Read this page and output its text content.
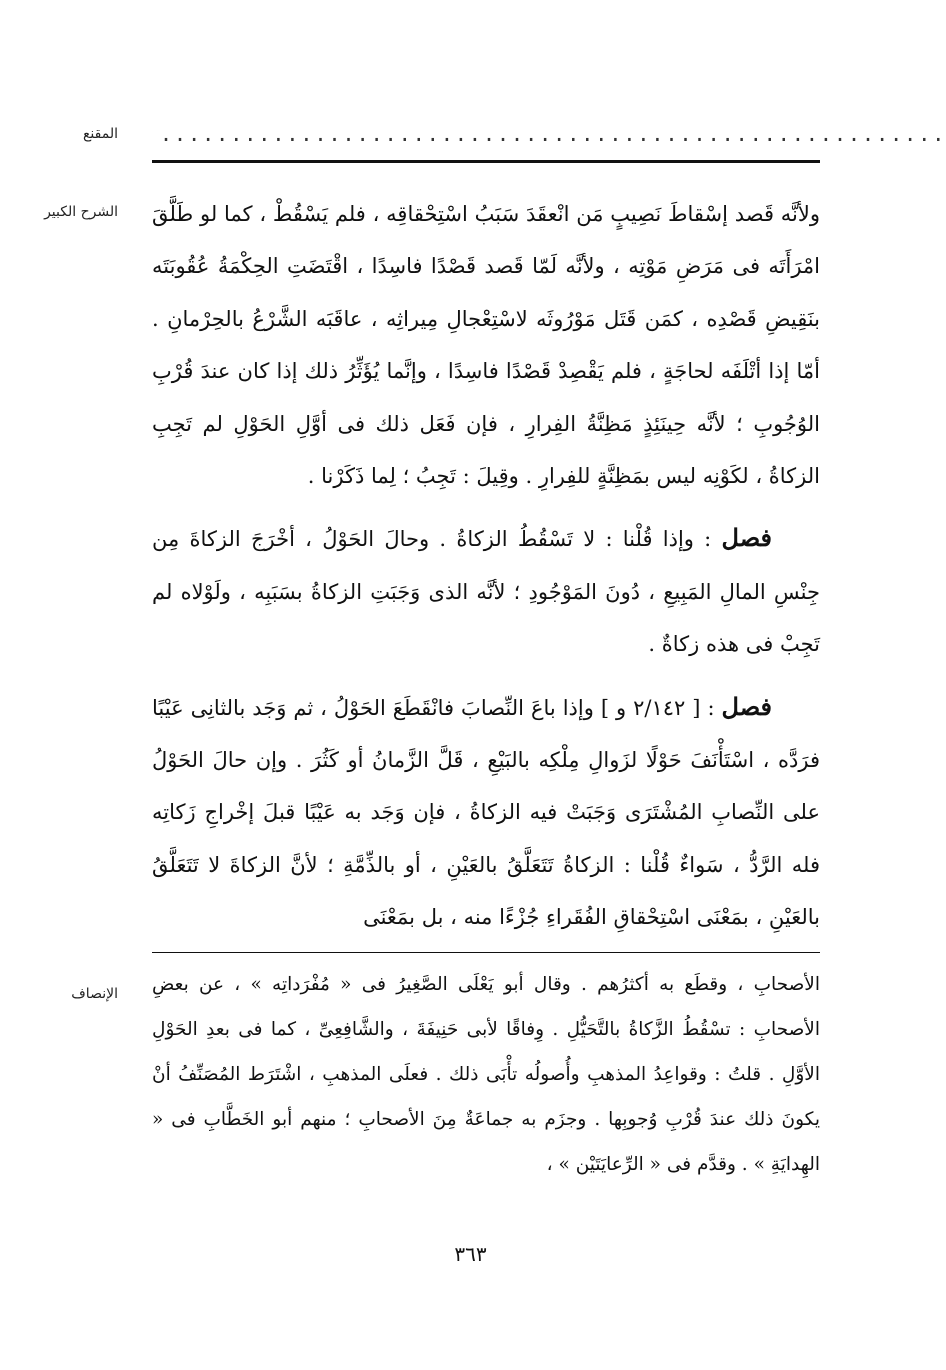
المقنع ........................................................
الشرح الكبير ولأنَّه قَصد إسْقاطَ نَصِيبٍ مَن انْعقَدَ سَبَبُ اسْتِحْقاقِه ، فلم يَسْقُطْ ، كما لو طَلَّقَ امْرَأَتَه فى مَرَضِ مَوْتِه ، ولأنَّه لَمّا قَصد قَصْدًا فاسِدًا ، اقْتَضَتِ الحِكْمَةُ عُقُوبَتَه بنَقِيضِ قَصْدِه ، كمَن قَتَل مَوْرُوثَه لاسْتِعْجالِ مِيراثِه ، عاقَبَه الشَّرْعُ بالحِرْمانِ . أمّا إذا أتْلَفَه لحاجَةٍ ، فلم يَقْصِدْ قَصْدًا فاسِدًا ، وإنَّما يُؤَثِّرُ ذلك إذا كان عندَ قُرْبِ الوُجُوبِ ؛ لأنَّه حِينَئِذٍ مَظِنَّةُ الفِرارِ ، فإن فَعَل ذلك فى أوَّلِ الحَوْلِ لم تَجِبِ الزكاةُ ، لكَوْنِه ليس بمَظِنَّةٍ للفِرارِ . وقِيلَ : تَجِبُ ؛ لِما ذَكَرْنا .

فصل : وإذا قُلْنا : لا تَسْقُطُ الزكاةُ . وحالَ الحَوْلُ ، أخْرَجَ الزكاةَ مِن جِنْسِ المالِ المَبِيعِ ، دُونَ المَوْجُودِ ؛ لأنَّه الذى وَجَبَتِ الزكاةُ بسَبَبِه ، ولَوْلاه لم تَجِبْ فى هذه زكاةٌ .

فصل : [ ٢/١٤٢ و ] وإذا باعَ النِّصابَ فانْقَطَعَ الحَوْلُ ، ثم وَجَد بالثانِى عَيْبًا فرَدَّه ، اسْتَأْنَفَ حَوْلًا لزَوالِ مِلْكِه بالبَيْعِ ، قَلَّ الزَّمانُ أو كَثُرَ . وإن حالَ الحَوْلُ على النِّصابِ المُشْتَرَى وَجَبَتْ فيه الزكاةُ ، فإن وَجَد به عَيْبًا قبلَ إخْراجِ زَكاتِه فله الرَّدُّ ، سَواءٌ قُلْنا : الزكاةُ تَتَعَلَّقُ بالعَيْنِ ، أو بالذِّمَّةِ ؛ لأنَّ الزكاةَ لا تَتَعَلَّقُ بالعَيْنِ ، بمَعْنَى اسْتِحْقاقِ الفُقَراءِ جُزْءًا منه ، بل بمَعْنَى

الإنصاف الأصحابِ ، وقطَع به أكثرُهم . وقال أبو يَعْلَى الصَّغِيرُ فى « مُفْرَداتِه » ، عن بعضِ الأصحابِ : تسْقُطُ الزَّكاةُ بالتَّحَيُّلِ . وِفاقًا لأبى حَنِيفَةَ ، والشَّافِعِىِّ ، كما فى بعدِ الحَوْلِ الأوَّلِ . قلتُ : وقواعِدُ المذهبِ وأُصولُه تأْبَى ذلك . فعلَى المذهبِ ، اشْتَرَط المُصَنِّفُ أنْ يكونَ ذلك عندَ قُرْبِ وُجوبِها . وجزَم به جماعَةٌ مِنَ الأصحابِ ؛ منهم أبو الخَطَّابِ فى « الهِدايَةِ » . وقدَّم فى « الرِّعايَتَيْن » ،

٣٦٣
